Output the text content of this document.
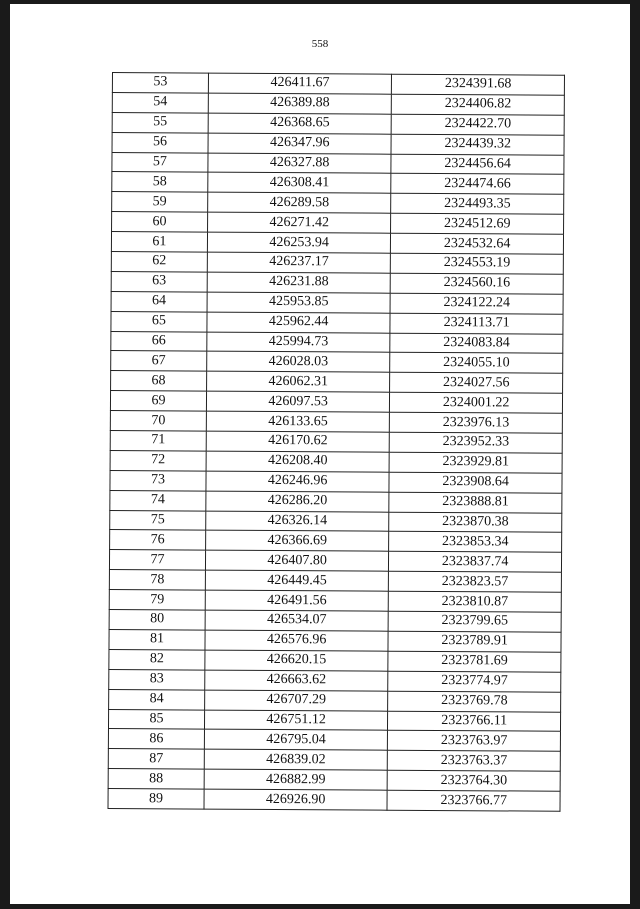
558
53	426411.67	2324391.68
54	426389.88	2324406.82
55	426368.65	2324422.70
56	426347.96	2324439.32
57	426327.88	2324456.64
58	426308.41	2324474.66
59	426289.58	2324493.35
60	426271.42	2324512.69
61	426253.94	2324532.64
62	426237.17	2324553.19
63	426231.88	2324560.16
64	425953.85	2324122.24
65	425962.44	2324113.71
66	425994.73	2324083.84
67	426028.03	2324055.10
68	426062.31	2324027.56
69	426097.53	2324001.22
70	426133.65	2323976.13
71	426170.62	2323952.33
72	426208.40	2323929.81
73	426246.96	2323908.64
74	426286.20	2323888.81
75	426326.14	2323870.38
76	426366.69	2323853.34
77	426407.80	2323837.74
78	426449.45	2323823.57
79	426491.56	2323810.87
80	426534.07	2323799.65
81	426576.96	2323789.91
82	426620.15	2323781.69
83	426663.62	2323774.97
84	426707.29	2323769.78
85	426751.12	2323766.11
86	426795.04	2323763.97
87	426839.02	2323763.37
88	426882.99	2323764.30
89	426926.90	2323766.77
